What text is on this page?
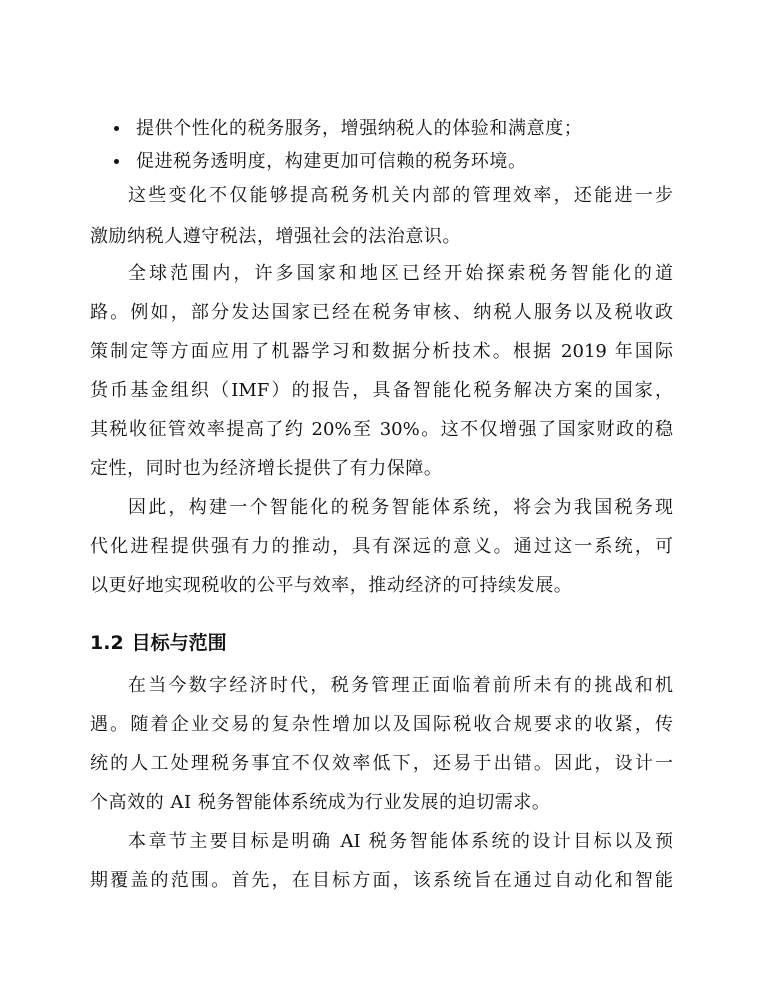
提供个性化的税务服务，增强纳税人的体验和满意度；
促进税务透明度，构建更加可信赖的税务环境。
这些变化不仅能够提高税务机关内部的管理效率，还能进一步
激励纳税人遵守税法，增强社会的法治意识。
全球范围内，许多国家和地区已经开始探索税务智能化的道
路。例如，部分发达国家已经在税务审核、纳税人服务以及税收政
策制定等方面应用了机器学习和数据分析技术。根据 2019 年国际
货币基金组织（IMF）的报告，具备智能化税务解决方案的国家，
其税收征管效率提高了约 20%至 30%。这不仅增强了国家财政的稳
定性，同时也为经济增长提供了有力保障。
因此，构建一个智能化的税务智能体系统，将会为我国税务现
代化进程提供强有力的推动，具有深远的意义。通过这一系统，可
以更好地实现税收的公平与效率，推动经济的可持续发展。
1.2 目标与范围
在当今数字经济时代，税务管理正面临着前所未有的挑战和机
遇。随着企业交易的复杂性增加以及国际税收合规要求的收紧，传
统的人工处理税务事宜不仅效率低下，还易于出错。因此，设计一
个高效的 AI 税务智能体系统成为行业发展的迫切需求。
本章节主要目标是明确 AI 税务智能体系统的设计目标以及预
期覆盖的范围。首先，在目标方面，该系统旨在通过自动化和智能
